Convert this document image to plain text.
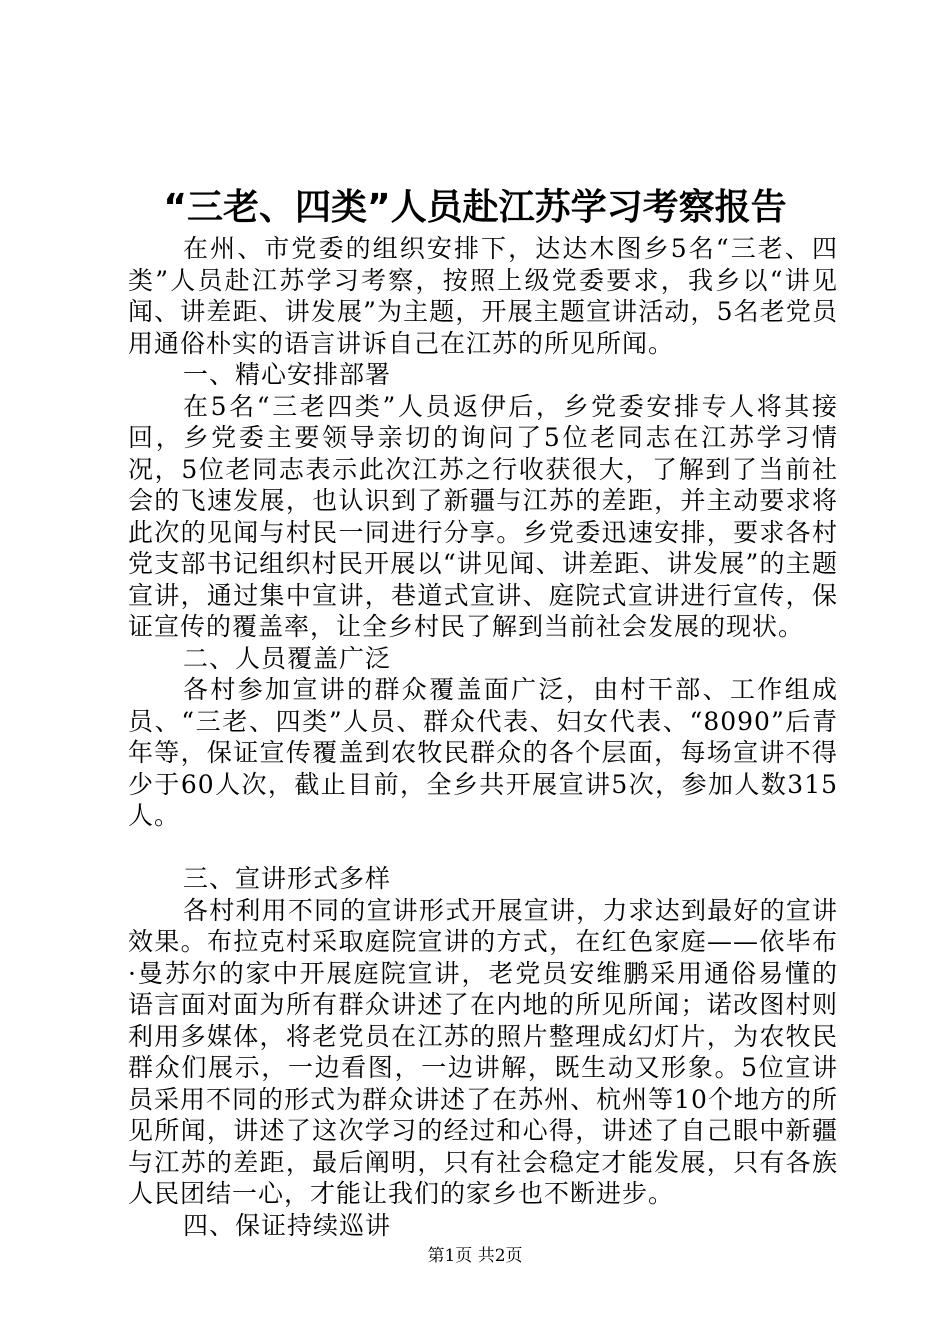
“三老、四类”人员赴江苏学习考察报告

在州、市党委的组织安排下，达达木图乡5名“三老、四类”人员赴江苏学习考察，按照上级党委要求，我乡以“讲见闻、讲差距、讲发展”为主题，开展主题宣讲活动，5名老党员用通俗朴实的语言讲诉自己在江苏的所见所闻。

一、精心安排部署

在5名“三老四类”人员返伊后，乡党委安排专人将其接回，乡党委主要领导亲切的询问了5位老同志在江苏学习情况，5位老同志表示此次江苏之行收获很大，了解到了当前社会的飞速发展，也认识到了新疆与江苏的差距，并主动要求将此次的见闻与村民一同进行分享。乡党委迅速安排，要求各村党支部书记组织村民开展以“讲见闻、讲差距、讲发展”的主题宣讲，通过集中宣讲，巷道式宣讲、庭院式宣讲进行宣传，保证宣传的覆盖率，让全乡村民了解到当前社会发展的现状。

二、人员覆盖广泛

各村参加宣讲的群众覆盖面广泛，由村干部、工作组成员、“三老、四类”人员、群众代表、妇女代表、“8090”后青年等，保证宣传覆盖到农牧民群众的各个层面，每场宣讲不得少于60人次，截止目前，全乡共开展宣讲5次，参加人数315人。

三、宣讲形式多样

各村利用不同的宣讲形式开展宣讲，力求达到最好的宣讲效果。布拉克村采取庭院宣讲的方式，在红色家庭——依毕布·曼苏尔的家中开展庭院宣讲，老党员安维鹏采用通俗易懂的语言面对面为所有群众讲述了在内地的所见所闻；诺改图村则利用多媒体，将老党员在江苏的照片整理成幻灯片，为农牧民群众们展示，一边看图，一边讲解，既生动又形象。5位宣讲员采用不同的形式为群众讲述了在苏州、杭州等10个地方的所见所闻，讲述了这次学习的经过和心得，讲述了自己眼中新疆与江苏的差距，最后阐明，只有社会稳定才能发展，只有各族人民团结一心，才能让我们的家乡也不断进步。

四、保证持续巡讲

第1页 共2页
